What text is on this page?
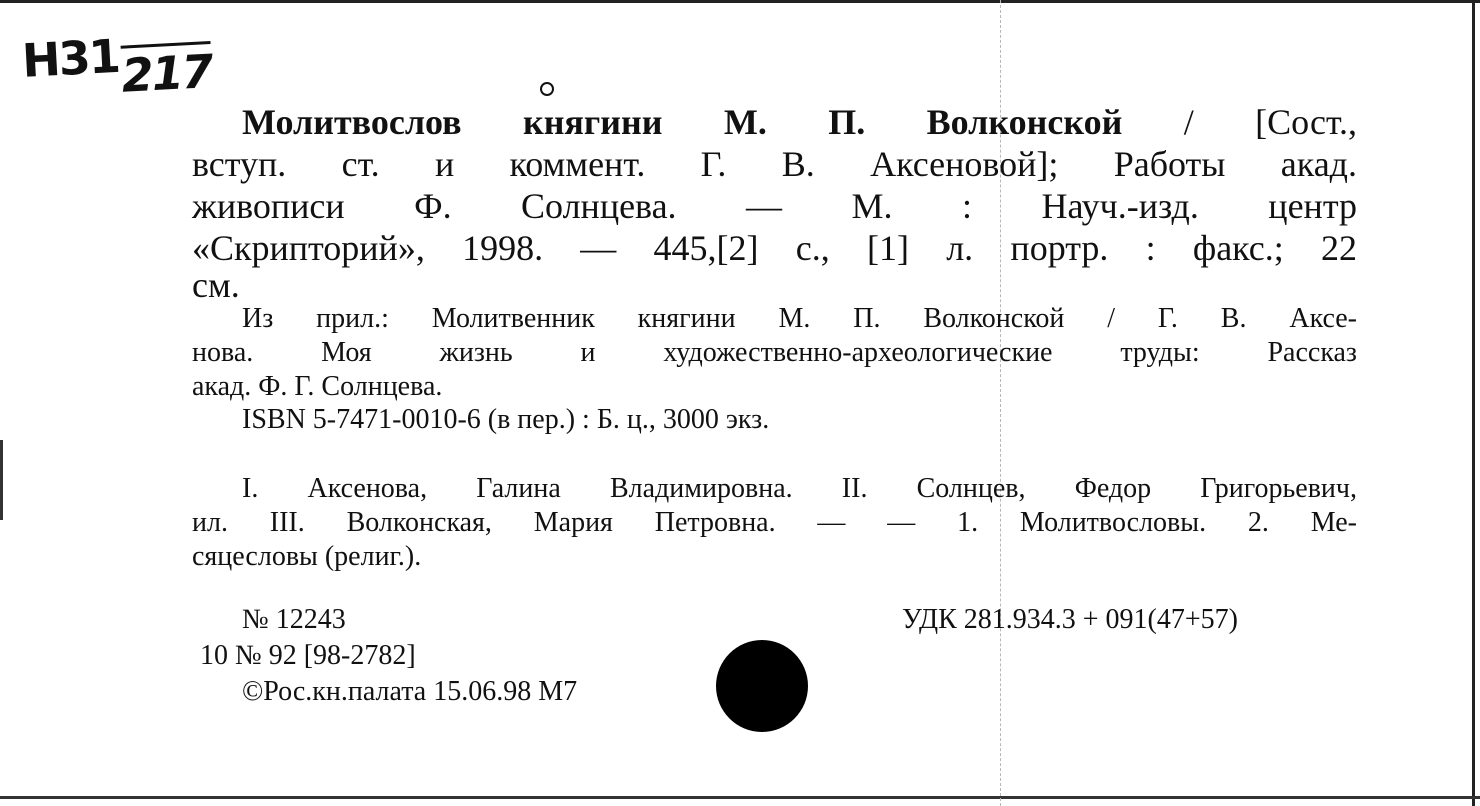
Н31217

Молитвослов княгини М. П. Волконской / [Сост.,

вступ. ст. и коммент. Г. В. Аксеновой]; Работы акад.

живописи Ф. Солнцева. — М. : Науч.-изд. центр

«Скрипторий», 1998. — 445,[2] с., [1] л. портр. : факс.; 22

см.

Из прил.: Молитвенник княгини М. П. Волконской / Г. В. Аксе-

нова. Моя жизнь и художественно-археологические труды: Рассказ

акад. Ф. Г. Солнцева.

ISBN 5-7471-0010-6 (в пер.) : Б. ц., 3000 экз.

I. Аксенова, Галина Владимировна. II. Солнцев, Федор Григорьевич,

ил. III. Волконская, Мария Петровна. — — 1. Молитвословы. 2. Ме-

сяцесловы (религ.).

№ 12243	УДК 281.934.3 + 091(47+57)

10 № 92 [98-2782]

©Рос.кн.палата 15.06.98 М7
